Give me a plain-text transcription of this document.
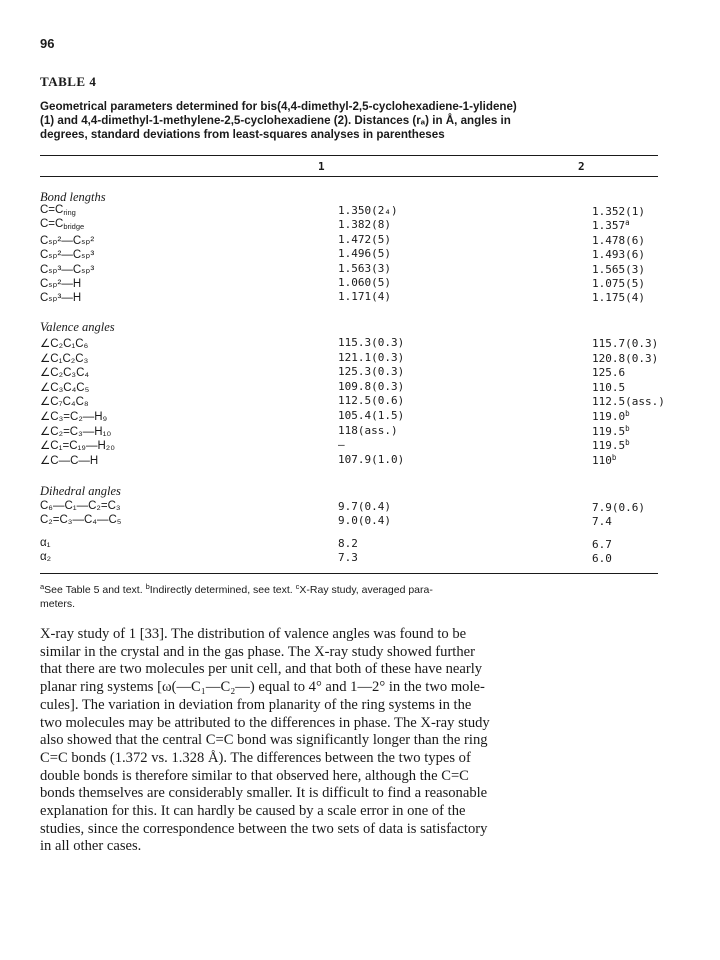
96
TABLE 4
Geometrical parameters determined for bis(4,4-dimethyl-2,5-cyclohexadiene-1-ylidene)
(1) and 4,4-dimethyl-1-methylene-2,5-cyclohexadiene (2). Distances (rₐ) in Å, angles in
degrees, standard deviations from least-squares analyses in parentheses
1	2
Bond lengths
$C=C_{ring}$	1.350(2₄)	1.352(1)
$C=C_{bridge}$	1.382(8)	1.357$^a$
Cₛₚ²—Cₛₚ²	1.472(5)	1.478(6)
Cₛₚ²—Cₛₚ³	1.496(5)	1.493(6)
Cₛₚ³—Cₛₚ³	1.563(3)	1.565(3)
Cₛₚ²—H	1.060(5)	1.075(5)
Cₛₚ³—H	1.171(4)	1.175(4)
Valence angles
∠C₂C₁C₆	115.3(0.3)	115.7(0.3)
∠C₁C₂C₃	121.1(0.3)	120.8(0.3)
∠C₂C₃C₄	125.3(0.3)	125.6
∠C₃C₄C₅	109.8(0.3)	110.5
∠C₇C₄C₈	112.5(0.6)	112.5(ass.)
∠C₃=C₂—H₉	105.4(1.5)	119.0$^b$
∠C₂=C₃—H₁₀	118(ass.)	119.5$^b$
∠C₁=C₁₉—H₂₀	—	119.5$^b$
∠C—C—H	107.9(1.0)	110$^b$
Dihedral angles
C₆—C₁—C₂=C₃	9.7(0.4)	7.9(0.6)
C₂=C₃—C₄—C₅	9.0(0.4)	7.4
α₁	8.2	6.7
α₂	7.3	6.0
$^a$See Table 5 and text. $^b$Indirectly determined, see text. $^c$X-Ray study, averaged para-
meters.
X-ray study of 1 [33]. The distribution of valence angles was found to be
similar in the crystal and in the gas phase. The X-ray study showed further
that there are two molecules per unit cell, and that both of these have nearly
planar ring systems [ω(—C₁—C₂—) equal to 4° and 1—2° in the two mole-
cules]. The variation in deviation from planarity of the ring systems in the
two molecules may be attributed to the differences in phase. The X-ray study
also showed that the central C=C bond was significantly longer than the ring
C=C bonds (1.372 vs. 1.328 Å). The differences between the two types of
double bonds is therefore similar to that observed here, although the C=C
bonds themselves are considerably smaller. It is difficult to find a reasonable
explanation for this. It can hardly be caused by a scale error in one of the
studies, since the correspondence between the two sets of data is satisfactory
in all other cases.
